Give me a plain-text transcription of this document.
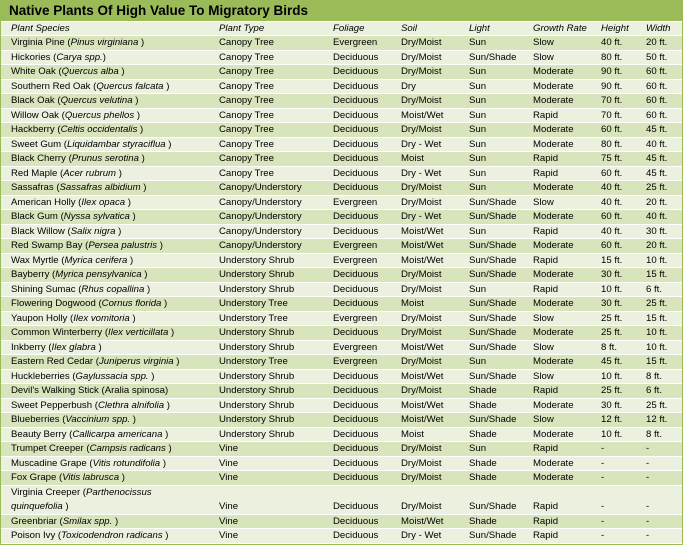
Native Plants Of High Value To Migratory Birds
Plant Species	Plant Type	Foliage	Soil	Light	Growth Rate Height Width
Virginia Pine (Pinus virginiana )	Canopy Tree	Evergreen Dry/Moist	Sun	Slow	40 ft. 20 ft.
Hickories (Carya spp.)	Canopy Tree	Deciduous Dry/Moist	Sun/Shade Slow	80 ft. 50 ft.
White Oak (Quercus alba )	Canopy Tree	Deciduous Dry/Moist	Sun	Moderate	90 ft. 60 ft.
Southern Red Oak (Quercus falcata )	Canopy Tree	Deciduous Dry	Sun	Moderate	90 ft. 60 ft.
Black Oak (Quercus velutina )	Canopy Tree	Deciduous Dry/Moist	Sun	Moderate	70 ft. 60 ft.
Willow Oak (Quercus phellos )	Canopy Tree	Deciduous Moist/Wet	Sun	Rapid	70 ft. 60 ft.
Hackberry (Celtis occidentalis )	Canopy Tree	Deciduous Dry/Moist	Sun	Moderate	60 ft. 45 ft.
Sweet Gum (Liquidambar styraciflua )	Canopy Tree	Deciduous Dry - Wet	Sun	Moderate	80 ft. 40 ft.
Black Cherry (Prunus serotina )	Canopy Tree	Deciduous Moist	Sun	Rapid	75 ft. 45 ft.
Red Maple (Acer rubrum )	Canopy Tree	Deciduous Dry - Wet	Sun	Rapid	60 ft. 45 ft.
Sassafras (Sassafras albidium )	Canopy/Understory	Deciduous Dry/Moist	Sun	Moderate	40 ft. 25 ft.
American Holly (Ilex opaca )	Canopy/Understory	Evergreen Dry/Moist	Sun/Shade Slow	40 ft. 20 ft.
Black Gum (Nyssa sylvatica )	Canopy/Understory	Deciduous Dry - Wet	Sun/Shade Moderate	60 ft. 40 ft.
Black Willow (Salix nigra )	Canopy/Understory	Deciduous Moist/Wet	Sun	Rapid	40 ft. 30 ft.
Red Swamp Bay (Persea palustris )	Canopy/Understory	Evergreen Moist/Wet	Sun/Shade Moderate	60 ft. 20 ft.
Wax Myrtle (Myrica cerifera )	Understory Shrub	Evergreen Moist/Wet	Sun/Shade Rapid	15 ft. 10 ft.
Bayberry (Myrica pensylvanica )	Understory Shrub	Deciduous Dry/Moist	Sun/Shade Moderate	30 ft. 15 ft.
Shining Sumac (Rhus copallina )	Understory Shrub	Deciduous Dry/Moist	Sun	Rapid	10 ft. 6 ft.
Flowering Dogwood (Cornus florida )	Understory Tree	Deciduous Moist	Sun/Shade Moderate	30 ft. 25 ft.
Yaupon Holly (Ilex vomitoria )	Understory Tree	Evergreen Dry/Moist	Sun/Shade Slow	25 ft. 15 ft.
Common Winterberry (Ilex verticillata )	Understory Shrub	Deciduous Dry/Moist	Sun/Shade Moderate	25 ft. 10 ft.
Inkberry (Ilex glabra )	Understory Shrub	Evergreen Moist/Wet	Sun/Shade Slow	8 ft.	10 ft.
Eastern Red Cedar (Juniperus virginia )	Understory Tree	Evergreen Dry/Moist	Sun	Moderate	45 ft. 15 ft.
Huckleberries (Gaylussacia spp. )	Understory Shrub	Deciduous Moist/Wet	Sun/Shade Slow	10 ft. 8 ft.
Devil's Walking Stick (Aralia spinosa)	Understory Shrub	Deciduous Dry/Moist	Shade	Rapid	25 ft. 6 ft.
Sweet Pepperbush (Clethra alnifolia )	Understory Shrub	Deciduous Moist/Wet	Shade	Moderate	30 ft. 25 ft.
Blueberries (Vaccinium spp. )	Understory Shrub	Deciduous Moist/Wet	Sun/Shade Slow	12 ft. 12 ft.
Beauty Berry (Callicarpa americana )	Understory Shrub	Deciduous Moist	Shade	Moderate	10 ft. 8 ft.
Trumpet Creeper (Campsis radicans )	Vine	Deciduous Dry/Moist	Sun	Rapid	-	-
Muscadine Grape (Vitis rotundifolia )	Vine	Deciduous Dry/Moist	Shade	Moderate	-	-
Fox Grape (Vitis labrusca )	Vine	Deciduous Dry/Moist	Shade	Moderate	-	-
Virginia Creeper (Parthenocissus
quinquefolia )	Vine	Deciduous Dry/Moist	Sun/Shade Rapid	-	-
Greenbriar (Smilax spp. )	Vine	Deciduous Moist/Wet	Shade	Rapid	-	-
Poison Ivy (Toxicodendron radicans )	Vine	Deciduous Dry - Wet	Sun/Shade Rapid	-	-
